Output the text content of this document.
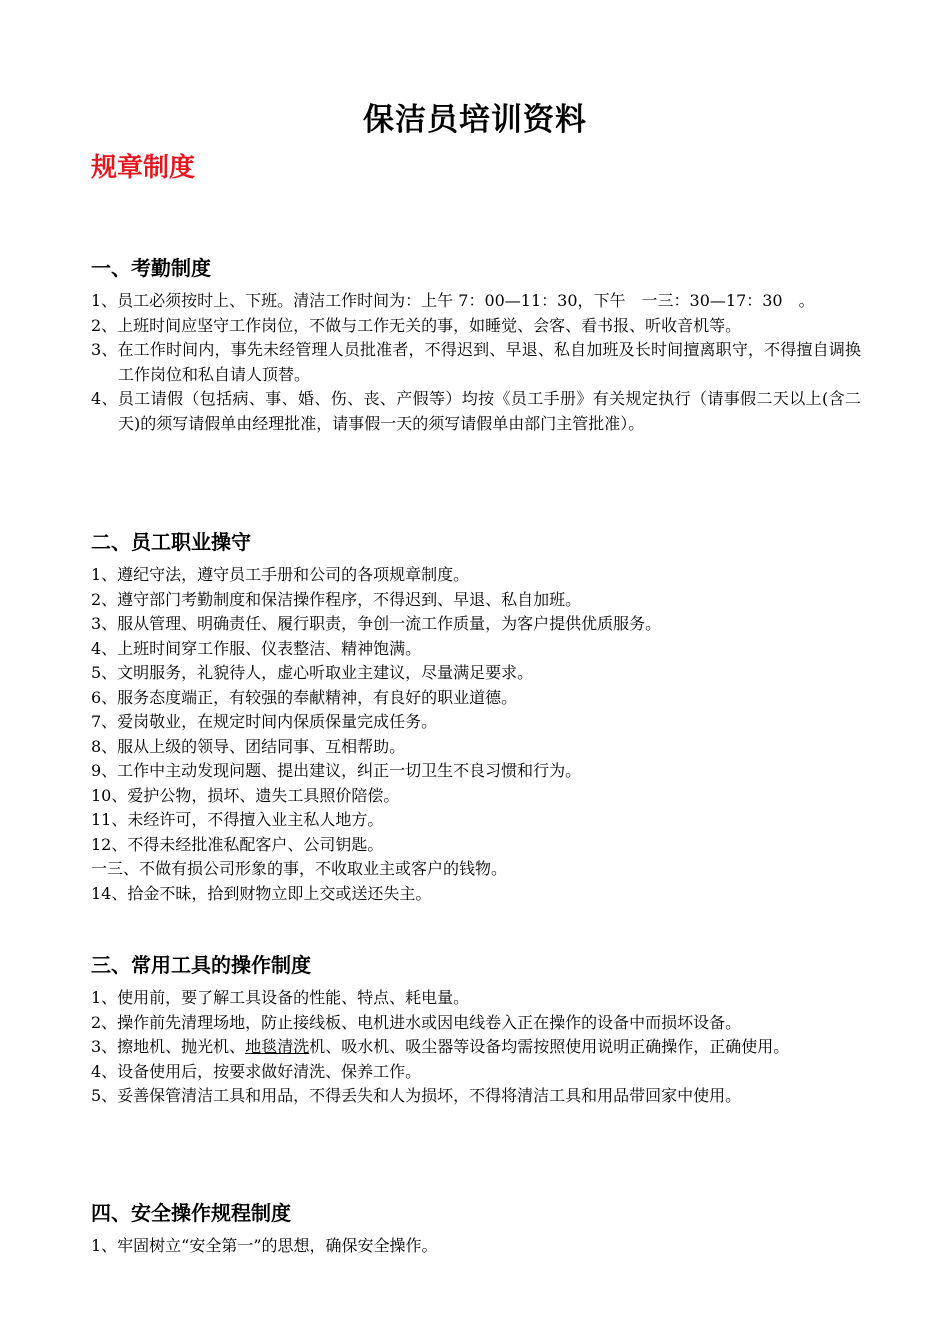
保洁员培训资料
规章制度
一、考勤制度
1、员工必须按时上、下班。清洁工作时间为：上午 7：00—11：30，下午　一三：30—17：30　。
2、上班时间应坚守工作岗位，不做与工作无关的事，如睡觉、会客、看书报、听收音机等。
3、在工作时间内，事先未经管理人员批准者，不得迟到、早退、私自加班及长时间擅离职守，不得擅自调换工作岗位和私自请人顶替。
4、员工请假（包括病、事、婚、伤、丧、产假等）均按《员工手册》有关规定执行（请事假二天以上(含二天)的须写请假单由经理批准，请事假一天的须写请假单由部门主管批准）。
二、员工职业操守
1、遵纪守法，遵守员工手册和公司的各项规章制度。
2、遵守部门考勤制度和保洁操作程序，不得迟到、早退、私自加班。
3、服从管理、明确责任、履行职责，争创一流工作质量，为客户提供优质服务。
4、上班时间穿工作服、仪表整洁、精神饱满。
5、文明服务，礼貌待人，虚心听取业主建议，尽量满足要求。
6、服务态度端正，有较强的奉献精神，有良好的职业道德。
7、爱岗敬业，在规定时间内保质保量完成任务。
8、服从上级的领导、团结同事、互相帮助。
9、工作中主动发现问题、提出建议，纠正一切卫生不良习惯和行为。
10、爱护公物，损坏、遗失工具照价陪偿。
11、未经许可，不得擅入业主私人地方。
12、不得未经批准私配客户、公司钥匙。
一三、不做有损公司形象的事，不收取业主或客户的钱物。
14、拾金不昧，拾到财物立即上交或送还失主。
三、常用工具的操作制度
1、使用前，要了解工具设备的性能、特点、耗电量。
2、操作前先清理场地，防止接线板、电机进水或因电线卷入正在操作的设备中而损坏设备。
3、擦地机、抛光机、地毯清洗机、吸水机、吸尘器等设备均需按照使用说明正确操作，正确使用。
4、设备使用后，按要求做好清洗、保养工作。
5、妥善保管清洁工具和用品，不得丢失和人为损坏，不得将清洁工具和用品带回家中使用。
四、安全操作规程制度
1、牢固树立“安全第一”的思想，确保安全操作。
